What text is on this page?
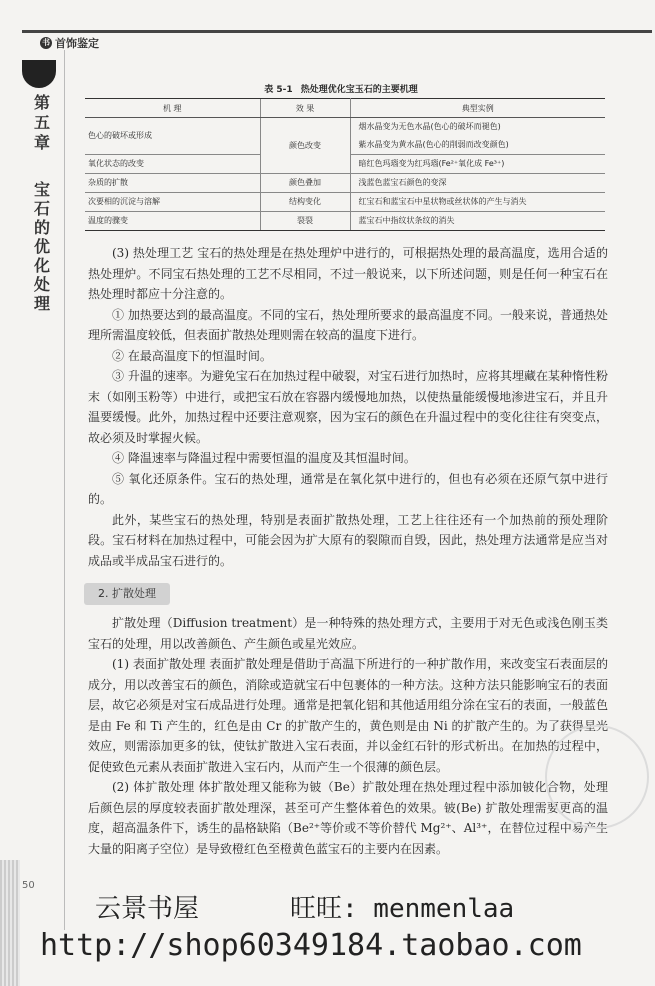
书 首饰鉴定
第五章
宝石的优化处理
50
表 5-1 热处理优化宝玉石的主要机理
机 理	效 果	典型实例
色心的破坏或形成	颜色改变	烟水晶变为无色水晶(色心的破坏而褪色)
		紫水晶变为黄水晶(色心的削弱而改变颜色)
氧化状态的改变		暗红色玛瑙变为红玛瑙(Fe²⁺氧化成 Fe³⁺)
杂质的扩散	颜色叠加	浅蓝色蓝宝石颜色的变深
次要相的沉淀与溶解	结构变化	红宝石和蓝宝石中星状物或丝状体的产生与消失
温度的骤变	裂裂	蓝宝石中指纹状条纹的消失

(3) 热处理工艺 宝石的热处理是在热处理炉中进行的，可根据热处理的最高温度，选用合适的热处理炉。不同宝石热处理的工艺不尽相同，不过一般说来，以下所述问题，则是任何一种宝石在热处理时都应十分注意的。

① 加热要达到的最高温度。不同的宝石，热处理所要求的最高温度不同。一般来说，普通热处理所需温度较低，但表面扩散热处理则需在较高的温度下进行。

② 在最高温度下的恒温时间。

③ 升温的速率。为避免宝石在加热过程中破裂，对宝石进行加热时，应将其埋藏在某种惰性粉末（如刚玉粉等）中进行，或把宝石放在容器内缓慢地加热，以使热量能缓慢地渗进宝石，并且升温要缓慢。此外，加热过程中还要注意观察，因为宝石的颜色在升温过程中的变化往往有突变点，故必须及时掌握火候。

④ 降温速率与降温过程中需要恒温的温度及其恒温时间。

⑤ 氧化还原条件。宝石的热处理，通常是在氧化氛中进行的，但也有必须在还原气氛中进行的。

此外，某些宝石的热处理，特别是表面扩散热处理，工艺上往往还有一个加热前的预处理阶段。宝石材料在加热过程中，可能会因为扩大原有的裂隙而自毁，因此，热处理方法通常是应当对成品或半成品宝石进行的。

2. 扩散处理

扩散处理（Diffusion treatment）是一种特殊的热处理方式，主要用于对无色或浅色刚玉类宝石的处理，用以改善颜色、产生颜色或星光效应。

(1) 表面扩散处理 表面扩散处理是借助于高温下所进行的一种扩散作用，来改变宝石表面层的成分，用以改善宝石的颜色，消除或造就宝石中包裹体的一种方法。这种方法只能影响宝石的表面层，故它必须是对宝石成品进行处理。通常是把氧化铝和其他适用组分涂在宝石的表面，一般蓝色是由 Fe 和 Ti 产生的，红色是由 Cr 的扩散产生的，黄色则是由 Ni 的扩散产生的。为了获得星光效应，则需添加更多的钛，使钛扩散进入宝石表面，并以金红石针的形式析出。在加热的过程中，促使致色元素从表面扩散进入宝石内，从而产生一个很薄的颜色层。

(2) 体扩散处理 体扩散处理又能称为铍（Be）扩散处理在热处理过程中添加铍化合物，处理后颜色层的厚度较表面扩散处理深，甚至可产生整体着色的效果。铍(Be) 扩散处理需要更高的温度，超高温条件下，诱生的晶格缺陷（Be²⁺等价或不等价替代 Mg²⁺、Al³⁺，在替位过程中易产生大量的阳离子空位）是导致橙红色至橙黄色蓝宝石的主要内在因素。

云景书屋	旺旺: menmenlaa
http://shop60349184.taobao.com
